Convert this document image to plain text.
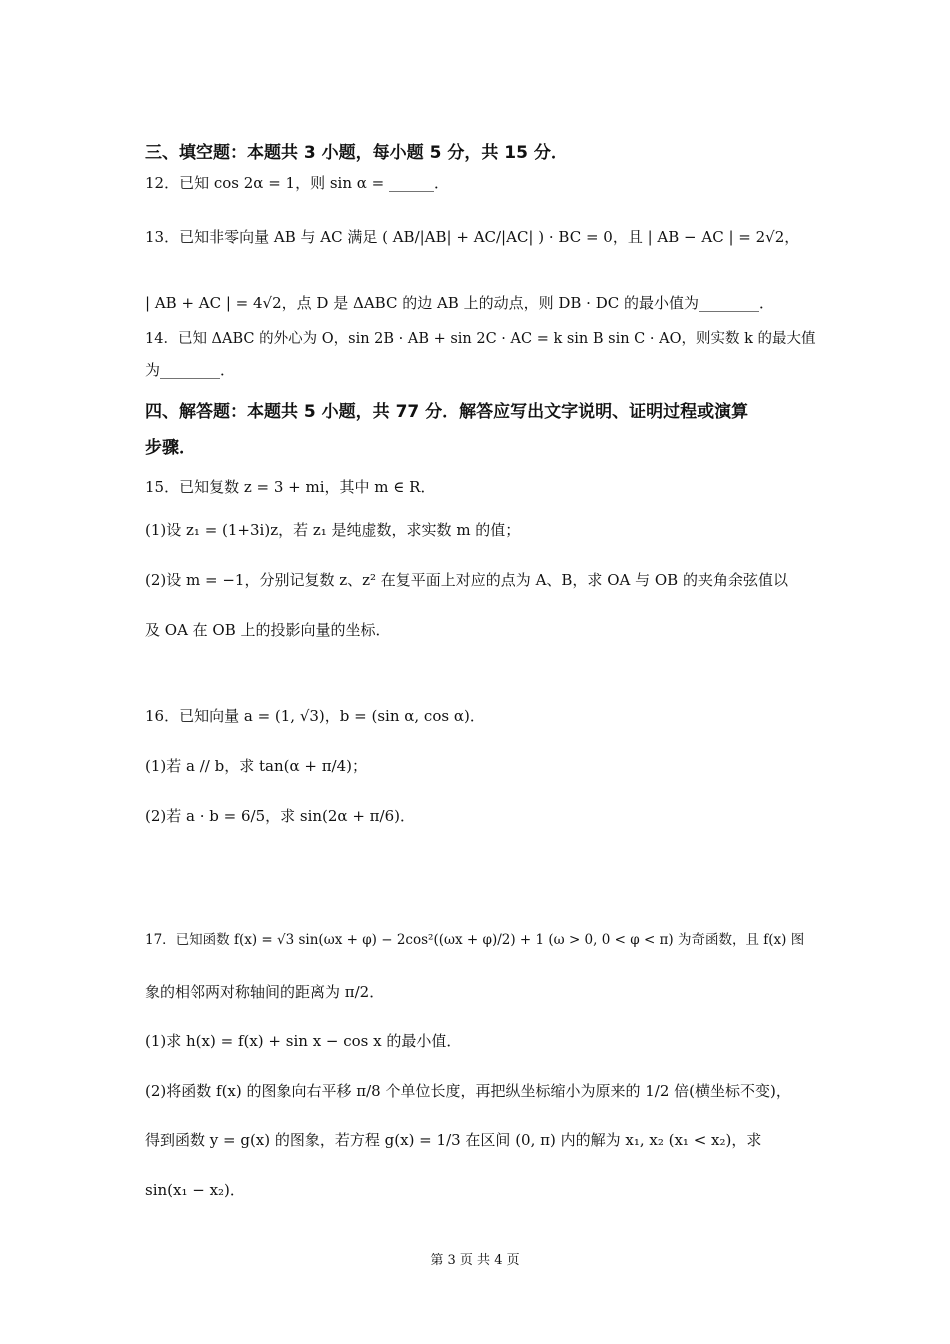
三、填空题：本题共 3 小题，每小题 5 分，共 15 分．
12．已知 cos 2α = 1，则 sin α = ______．
13．已知非零向量 AB 与 AC 满足 ( AB/|AB| + AC/|AC| ) · BC = 0，且 | AB − AC | = 2√2，
| AB + AC | = 4√2，点 D 是 ΔABC 的边 AB 上的动点，则 DB · DC 的最小值为________．
14．已知 ΔABC 的外心为 O，sin 2B · AB + sin 2C · AC = k sin B sin C · AO，则实数 k 的最大值
为________．
四、解答题：本题共 5 小题，共 77 分．解答应写出文字说明、证明过程或演算
步骤．
15．已知复数 z = 3 + mi，其中 m ∈ R．
(1)设 z₁ = (1+3i)z，若 z₁ 是纯虚数，求实数 m 的值；
(2)设 m = −1，分别记复数 z、z² 在复平面上对应的点为 A、B，求 OA 与 OB 的夹角余弦值以
及 OA 在 OB 上的投影向量的坐标．
16．已知向量 a = (1, √3)，b = (sin α, cos α)．
(1)若 a // b，求 tan(α + π/4)；
(2)若 a · b = 6/5，求 sin(2α + π/6)．
17．已知函数 f(x) = √3 sin(ωx + φ) − 2cos²((ωx + φ)/2) + 1 (ω > 0, 0 < φ < π) 为奇函数，且 f(x) 图
象的相邻两对称轴间的距离为 π/2．
(1)求 h(x) = f(x) + sin x − cos x 的最小值．
(2)将函数 f(x) 的图象向右平移 π/8 个单位长度，再把纵坐标缩小为原来的 1/2 倍(横坐标不变)，
得到函数 y = g(x) 的图象，若方程 g(x) = 1/3 在区间 (0, π) 内的解为 x₁, x₂ (x₁ < x₂)，求
sin(x₁ − x₂)．
第 3 页 共 4 页
